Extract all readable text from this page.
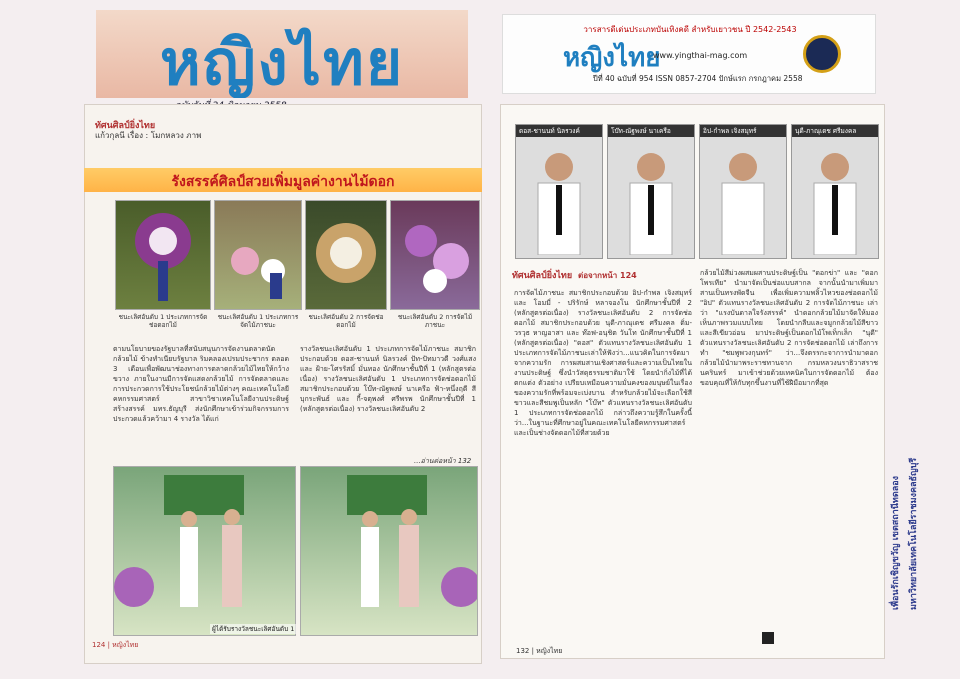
หญิงไทย
ทัศนศิลป์ยิ่งไทย
แก้วกุลนี เรื่อง : โมกหลวง ภาพ
รังสรรค์ศิลป์สวยเพิ่มมูลค่างานไม้ดอก
ชนะเลิศอันดับ 1 ประเภทการจัดช่อดอกไม้
ชนะเลิศอันดับ 1 ประเภทการจัดไม้ภาชนะ
ชนะเลิศอันดับ 2 การจัดช่อดอกไม้
ชนะเลิศอันดับ 2 การจัดไม้ภาชนะ
ตามนโยบายของรัฐบาลที่สนับสนุนการจัดงานตลาดนัดกล้วยไม้ ข้างทำเนียบรัฐบาล ริมคลองเปรมประชากร ตลอด 3 เดือนเพื่อพัฒนาช่องทางการตลาดกล้วยไม้ไทยให้กว้างขวาง ภายในงานมีการจัดแสดงกล้วยไม้ การจัดตลาดและการประกวดการใช้ประโยชน์กล้วยไม้ต่างๆ คณะเทคโนโลยีคหกรรมศาสตร์ สาขาวิชาเทคโนโลยีงานประดิษฐ์สร้างสรรค์ มทร.ธัญบุรี ส่งนักศึกษาเข้าร่วมกิจกรรมการประกวดแล้วคว้ามา 4 รางวัล ได้แก่
รางวัลชนะเลิศอันดับ 1 ประเภทการจัดไม้ภาชนะ สมาชิกประกอบด้วย ดอส-ชานนท์ นิลรวงค์ ปัท-ปัทมาวดี วงศ์แสง และ ฝ้าย-โศรรัสมิ์ มั่นทอง นักศึกษาชั้นปีที่ 1 (หลักสูตรต่อเนื่อง) รางวัลชนะเลิศอันดับ 1 ประเภทการจัดช่อดอกไม้ สมาชิกประกอบด้วย โบ๊ท-ณัฐพงษ์ นาเครือ ฟ้า-หนึ่งฤดี สีบุกระพันธ์ และ กี้-จตุพงศ์ ศรีพรพ นักศึกษาชั้นปีที่ 1 (หลักสูตรต่อเนื่อง) รางวัลชนะเลิศอันดับ 2
...อ่านต่อหน้า 132
ผู้ได้รับรางวัลชนะเลิศอันดับ 1
124 | หญิงไทย
วารสารดีเด่นประเภทบันเทิงคดี สำหรับเยาวชน ปี 2542-2543
หญิงไทย
www.yingthai-mag.com
ปีที่ 40 ฉบับที่ 954 ISSN 0857-2704 ปักษ์แรก กรกฎาคม 2558
ดอส-ชานนท์ นิลรวงค์	โบ๊ท-ณัฐพงษ์ นาเครือ	อิป-กำพล เจิงสมุทร์	นุดี-ภาณุเดช ศรีมงคล
ทัศนศิลป์ยิ่งไทย ต่อจากหน้า 124
การจัดไม้ภาชนะ สมาชิกประกอบด้วย อิป-กำพล เจิงสมุทร์ และ โอมมี่ - ปริรักษ์ หลาจองโน นักศึกษาชั้นปีที่ 2 (หลักสูตรต่อเนื่อง) รางวัลชนะเลิศอันดับ 2 การจัดช่อดอกไม้ สมาชิกประกอบด้วย นุดี-ภาณุเดช ศรีมงคล ติ่ม-วรวุธ หาญอาสา และ ท๊อฟ-อนุชิต วันโท นักศึกษาชั้นปีที่ 1 (หลักสูตรต่อเนื่อง) "ดอส" ตัวแทนรางวัลชนะเลิศอันดับ 1 ประเภทการจัดไม้ภาชนะเล่าให้ฟังว่า...แนวคิดในการจัดมาจากความรัก การผสมสานเชิงศาสตร์และความเป็นไทยในงานประดิษฐ์ ซึ่งนำวัสดุธรรมชาติมาใช้ โดยนำกิ่งไม้ที่ได้ตกแต่ง ตัวอย่าง เปรียบเหมือนความมั่นคงของมนุษย์ในเรื่องของความรักที่พร้อมจะเบ่งบาน สำหรับกล้วยไม้จะเลือกใช้สีขาวและสีชมพูเป็นหลัก "โบ๊ท" ตัวแทนรางวัลชนะเลิศอันดับ 1 ประเภทการจัดช่อดอกไม้ กล่าวถึงความรู้สึกในครั้งนี้ว่า...ในฐานะที่ศึกษาอยู่ในคณะเทคโนโลยีคหกรรมศาสตร์ และเป็นช่างจัดดอกไม้ที่สวยด้วย
กล้วยไม้สีม่วงผสมผสานประดิษฐ์เป็น "ดอกข่า" และ "ดอกโพรเทีย" นำมาจัดเป็นช่อแบบสากล จากนั้นนำมาเพิ่มมาสานเป็นทรงพัดจีน เพื่อเพิ่มความพลิ้วไหวของช่อดอกไม้ "อิป" ตัวแทนรางวัลชนะเลิศอันดับ 2 การจัดไม้ภาชนะ เล่าว่า "แรงบันดาลใจรังสรรค์" นำดอกกล้วยไม้มาจัดให้มองเห็นภาพรวมแบบไทย โดยนำกลีบและจมูกกล้วยไม้สีขาวและสีเขียวอ่อน มาประดิษฐ์เป็นดอกไม้โพเท็กเล็ก "นุดี" ตัวแทนรางวัลชนะเลิศอันดับ 2 การจัดช่อดอกไม้ เล่าถึงการทำ "ชมพูพวงกุนทร์" ว่า...จึงตรรกะจาการนำมาดอกกล้วยไม้นำมาพระราชทานจาก กรมหลวงนราธิวาสราชนครินทร์ มาเข้าช่วยด้วยเทคนิคในการจัดดอกไม้ ต้องขอบคุณที่ให้กับทุกขึ้นงานที่ใช้ฝีมือมากที่สุด
132 | หญิงไทย
เพื่อนรักเชิญขวัญ เขตสถานีทดลอง มหาวิทยาลัยเทคโนโลยีราชมงคลธัญบุรี
